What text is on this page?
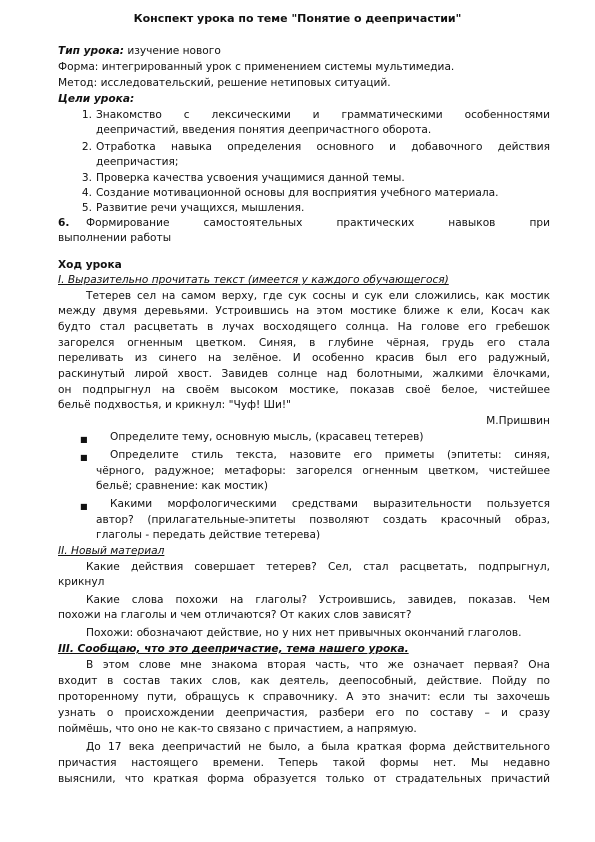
Конспект урока по теме "Понятие о деепричастии"
Тип урока: изучение нового
Форма: интегрированный урок с применением системы мультимедиа.
Метод: исследовательский, решение нетиповых ситуаций.
Цели урока:
1. Знакомство с лексическими и грамматическими особенностями
деепричастий, введения понятия деепричастного оборота.
2. Отработка навыка определения основного и добавочного действия
деепричастия;
3. Проверка качества усвоения учащимися данной темы.
4. Создание мотивационной основы для восприятия учебного материала.
5. Развитие речи учащихся, мышления.
6. Формирование самостоятельных практических навыков при
выполнении работы
Ход урока
I. Выразительно прочитать текст (имеется у каждого обучающегося)
Тетерев сел на самом верху, где сук сосны и сук ели сложились, как мостик
между двумя деревьями. Устроившись на этом мостике ближе к ели, Косач как
будто стал расцветать в лучах восходящего солнца. На голове его гребешок
загорелся огненным цветком. Синяя, в глубине чёрная, грудь его стала
переливать из синего на зелёное. И особенно красив был его радужный,
раскинутый лирой хвост. Завидев солнце над болотными, жалкими ёлочками,
он подпрыгнул на своём высоком мостике, показав своё белое, чистейшее
бельё подхвостья, и крикнул: "Чуф! Ши!"
М.Пришвин
■ Определите тему, основную мысль, (красавец тетерев)
■ Определите стиль текста, назовите его приметы (эпитеты: синяя,
чёрного, радужное; метафоры: загорелся огненным цветком, чистейшее
бельё; сравнение: как мостик)
■ Какими морфологическими средствами выразительности пользуется
автор? (прилагательные-эпитеты позволяют создать красочный образ,
глаголы - передать действие тетерева)
II. Новый материал
Какие действия совершает тетерев? Сел, стал расцветать, подпрыгнул,
крикнул
Какие слова похожи на глаголы? Устроившись, завидев, показав. Чем
похожи на глаголы и чем отличаются? От каких слов зависят?
Похожи: обозначают действие, но у них нет привычных окончаний глаголов.
III. Сообщаю, что это деепричастие, тема нашего урока.
В этом слове мне знакома вторая часть, что же означает первая? Она
входит в состав таких слов, как деятель, деепособный, действие. Пойду по
проторенному пути, обращусь к справочнику. А это значит: если ты захочешь
узнать о происхождении деепричастия, разбери его по составу – и сразу
поймёшь, что оно не как-то связано с причастием, а напрямую.
До 17 века деепричастий не было, а была краткая форма действительного
причастия настоящего времени. Теперь такой формы нет. Мы недавно
выяснили, что краткая форма образуется только от страдательных причастий
